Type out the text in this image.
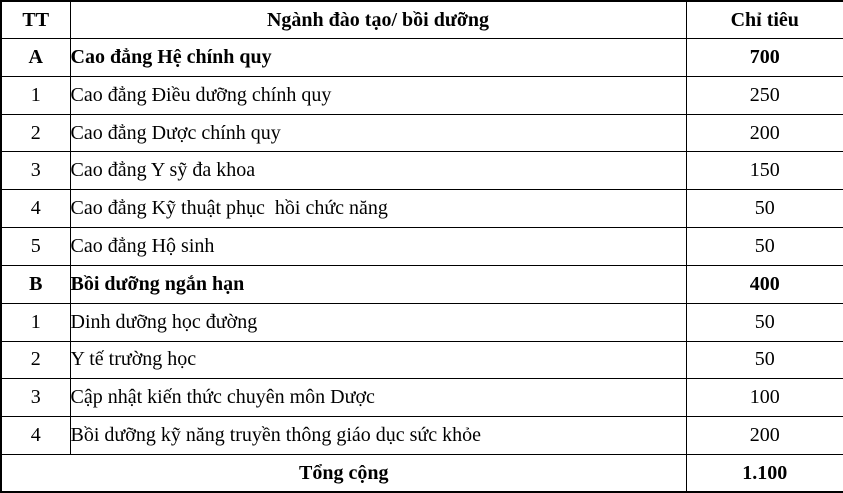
TT	Ngành đào tạo/ bồi dưỡng	Chỉ tiêu
A	Cao đẳng Hệ chính quy	700
1	Cao đẳng Điều dưỡng chính quy	250
2	Cao đẳng Dược chính quy	200
3	Cao đẳng Y sỹ đa khoa	150
4	Cao đẳng Kỹ thuật phục  hồi chức năng	50
5	Cao đẳng Hộ sinh	50
B	Bồi dưỡng ngắn hạn	400
1	Dinh dưỡng học đường	50
2	Y tế trường học	50
3	Cập nhật kiến thức chuyên môn Dược	100
4	Bồi dưỡng kỹ năng truyền thông giáo dục sức khỏe	200
Tổng cộng		1.100
